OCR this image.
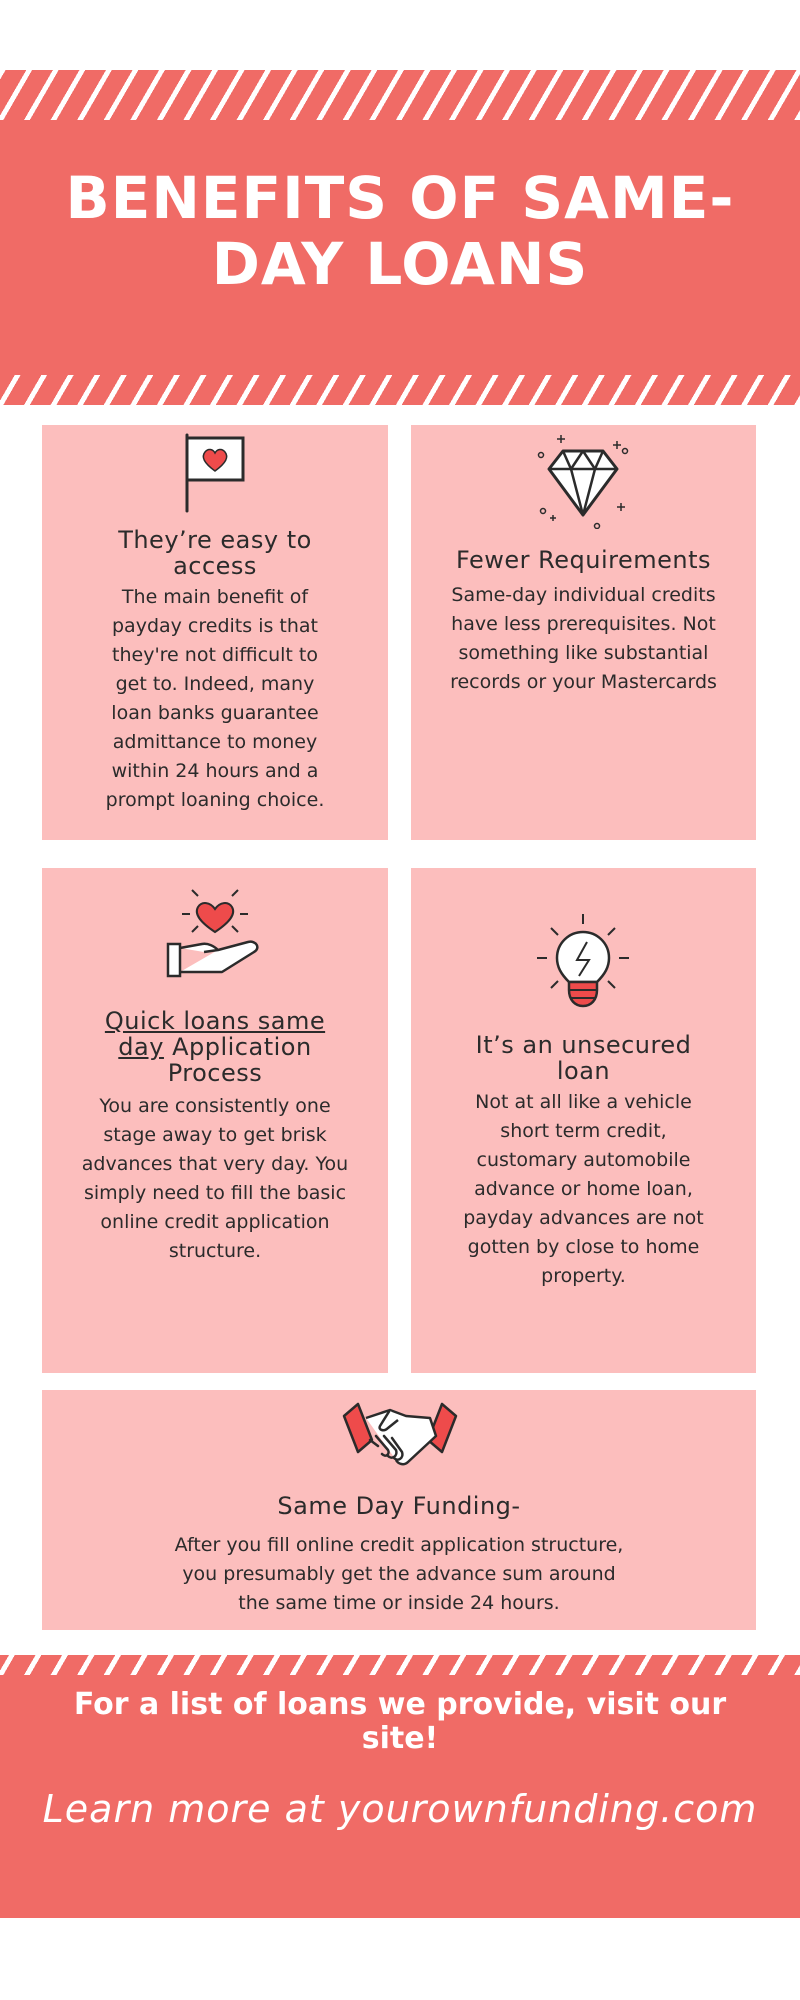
BENEFITS OF SAME-DAY LOANS
They’re easy to access
The main benefit of payday credits is that they're not difficult to get to. Indeed, many loan banks guarantee admittance to money within 24 hours and a prompt loaning choice.
Fewer Requirements
Same-day individual credits have less prerequisites. Not something like substantial records or your Mastercards
Quick loans same day Application Process
You are consistently one stage away to get brisk advances that very day. You simply need to fill the basic online credit application structure.
It’s an unsecured loan
Not at all like a vehicle short term credit, customary automobile advance or home loan, payday advances are not gotten by close to home property.
Same Day Funding-
After you fill online credit application structure, you presumably get the advance sum around the same time or inside 24 hours.
For a list of loans we provide, visit our site!
Learn more at yourownfunding.com
